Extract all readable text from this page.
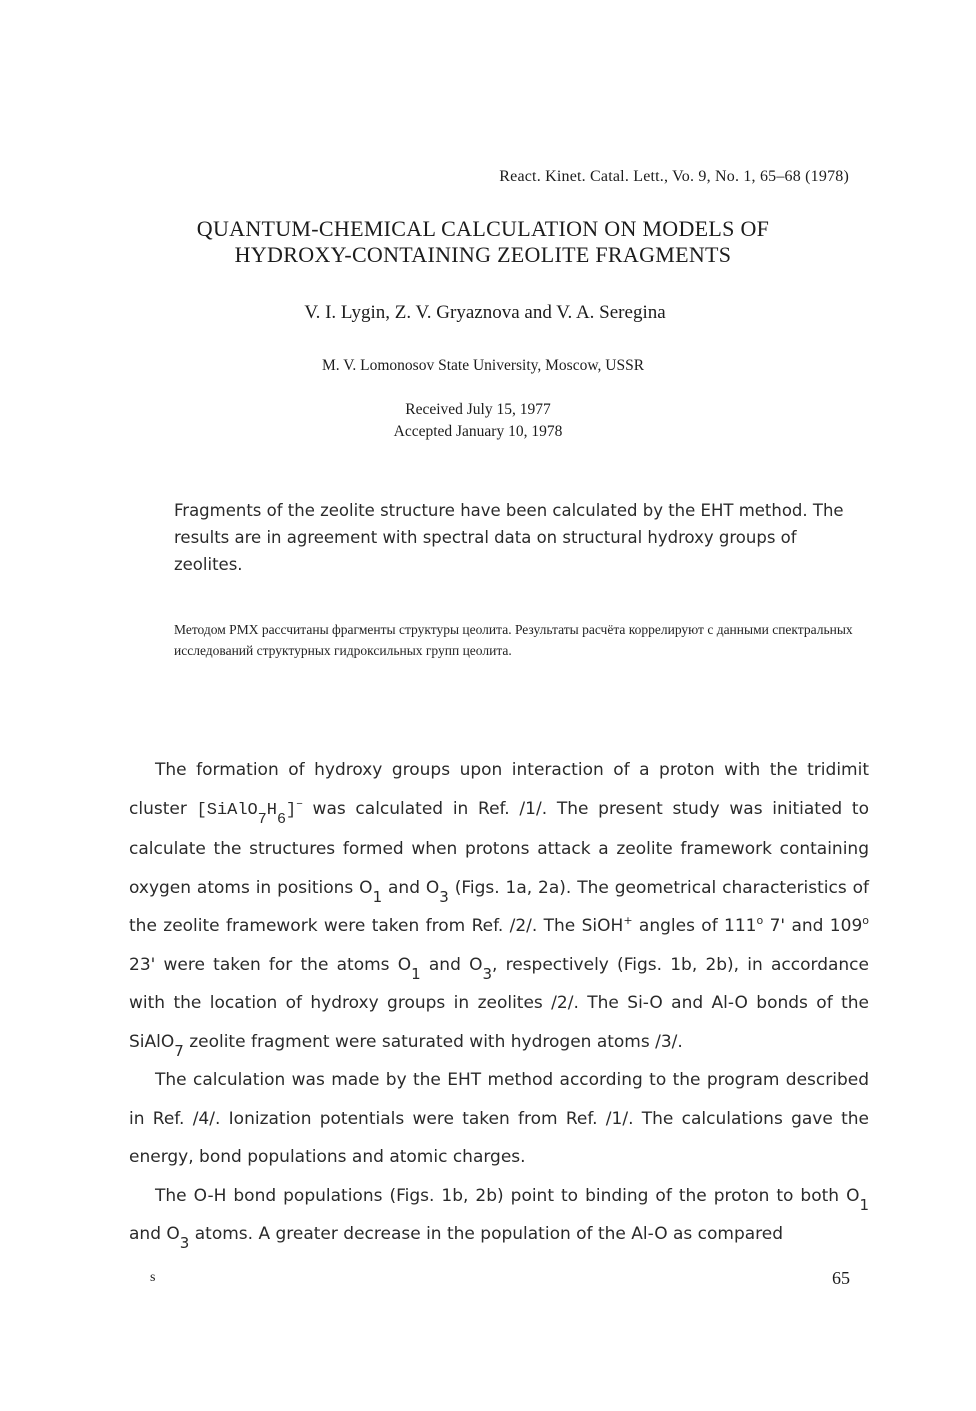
React. Kinet. Catal. Lett., Vo. 9, No. 1, 65–68 (1978)
QUANTUM-CHEMICAL CALCULATION ON MODELS OF
HYDROXY-CONTAINING ZEOLITE FRAGMENTS
V. I. Lygin, Z. V. Gryaznova and V. A. Seregina
M. V. Lomonosov State University, Moscow, USSR
Received July 15, 1977
Accepted January 10, 1978
Fragments of the zeolite structure have been calculated by the EHT method. The results are in agreement with spectral data on structural hydroxy groups of zeolites.
Методом РМХ рассчитаны фрагменты структуры цеолита. Результаты расчёта коррелируют с данными спектральных исследований структурных гидроксильных групп цеолита.

The formation of hydroxy groups upon interaction of a proton with the tridimit cluster $[SiAlO_7H_6]^-$ was calculated in Ref. /1/. The present study was initiated to calculate the structures formed when protons attack a zeolite framework containing oxygen atoms in positions $O_1$ and $O_3$ (Figs. 1a, 2a). The geometrical characteristics of the zeolite framework were taken from Ref. /2/. The SiOH+ angles of 111$^o$ 7' and 109$^o$ 23' were taken for the atoms $O_1$ and $O_3$, respectively (Figs. 1b, 2b), in accordance with the location of hydroxy groups in zeolites /2/. The Si-O and Al-O bonds of the SiAlO$_7$ zeolite fragment were saturated with hydrogen atoms /3/.

The calculation was made by the EHT method according to the program described in Ref. /4/. Ionization potentials were taken from Ref. /1/. The calculations gave the energy, bond populations and atomic charges.

The O-H bond populations (Figs. 1b, 2b) point to binding of the proton to both $O_1$ and $O_3$ atoms. A greater decrease in the population of the Al-O as compared

s	65
